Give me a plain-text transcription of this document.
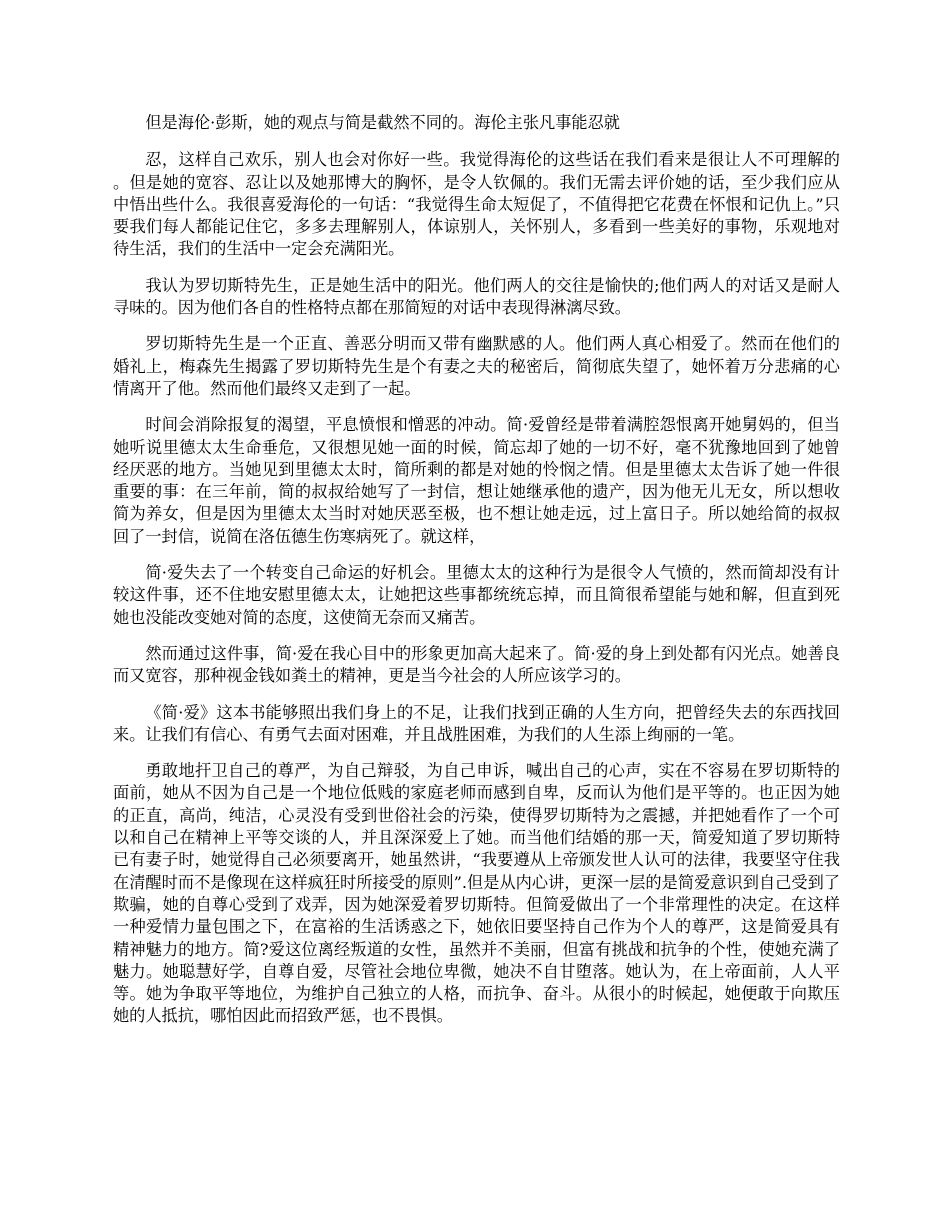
但是海伦·彭斯，她的观点与简是截然不同的。海伦主张凡事能忍就

忍，这样自己欢乐，别人也会对你好一些。我觉得海伦的这些话在我们看来是很让人不可理解的。但是她的宽容、忍让以及她那博大的胸怀，是令人钦佩的。我们无需去评价她的话，至少我们应从中悟出些什么。我很喜爱海伦的一句话：“我觉得生命太短促了，不值得把它花费在怀恨和记仇上。”只要我们每人都能记住它，多多去理解别人，体谅别人，关怀别人，多看到一些美好的事物，乐观地对待生活，我们的生活中一定会充满阳光。

我认为罗切斯特先生，正是她生活中的阳光。他们两人的交往是愉快的;他们两人的对话又是耐人寻味的。因为他们各自的性格特点都在那简短的对话中表现得淋漓尽致。

罗切斯特先生是一个正直、善恶分明而又带有幽默感的人。他们两人真心相爱了。然而在他们的婚礼上，梅森先生揭露了罗切斯特先生是个有妻之夫的秘密后，简彻底失望了，她怀着万分悲痛的心情离开了他。然而他们最终又走到了一起。

时间会消除报复的渴望，平息愤恨和憎恶的冲动。简·爱曾经是带着满腔怨恨离开她舅妈的，但当她听说里德太太生命垂危，又很想见她一面的时候，简忘却了她的一切不好，毫不犹豫地回到了她曾经厌恶的地方。当她见到里德太太时，简所剩的都是对她的怜悯之情。但是里德太太告诉了她一件很重要的事：在三年前，简的叔叔给她写了一封信，想让她继承他的遗产，因为他无儿无女，所以想收简为养女，但是因为里德太太当时对她厌恶至极，也不想让她走远，过上富日子。所以她给简的叔叔回了一封信，说简在洛伍德生伤寒病死了。就这样，

简·爱失去了一个转变自己命运的好机会。里德太太的这种行为是很令人气愤的，然而简却没有计较这件事，还不住地安慰里德太太，让她把这些事都统统忘掉，而且简很希望能与她和解，但直到死她也没能改变她对简的态度，这使简无奈而又痛苦。

然而通过这件事，简·爱在我心目中的形象更加高大起来了。简·爱的身上到处都有闪光点。她善良而又宽容，那种视金钱如粪土的精神，更是当今社会的人所应该学习的。

《简·爱》这本书能够照出我们身上的不足，让我们找到正确的人生方向，把曾经失去的东西找回来。让我们有信心、有勇气去面对困难，并且战胜困难，为我们的人生添上绚丽的一笔。

勇敢地扞卫自己的尊严，为自己辩驳，为自己申诉，喊出自己的心声，实在不容易在罗切斯特的面前，她从不因为自己是一个地位低贱的家庭老师而感到自卑，反而认为他们是平等的。也正因为她的正直，高尚，纯洁，心灵没有受到世俗社会的污染，使得罗切斯特为之震撼，并把她看作了一个可以和自己在精神上平等交谈的人，并且深深爱上了她。而当他们结婚的那一天，简爱知道了罗切斯特已有妻子时，她觉得自己必须要离开，她虽然讲，“我要遵从上帝颁发世人认可的法律，我要坚守住我在清醒时而不是像现在这样疯狂时所接受的原则”.但是从内心讲，更深一层的是简爱意识到自己受到了欺骗，她的自尊心受到了戏弄，因为她深爱着罗切斯特。但简爱做出了一个非常理性的决定。在这样一种爱情力量包围之下，在富裕的生活诱惑之下，她依旧要坚持自己作为个人的尊严，这是简爱具有精神魅力的地方。简?爱这位离经叛道的女性，虽然并不美丽，但富有挑战和抗争的个性，使她充满了魅力。她聪慧好学，自尊自爱，尽管社会地位卑微，她决不自甘堕落。她认为，在上帝面前，人人平等。她为争取平等地位，为维护自己独立的人格，而抗争、奋斗。从很小的时候起，她便敢于向欺压她的人抵抗，哪怕因此而招致严惩，也不畏惧。
